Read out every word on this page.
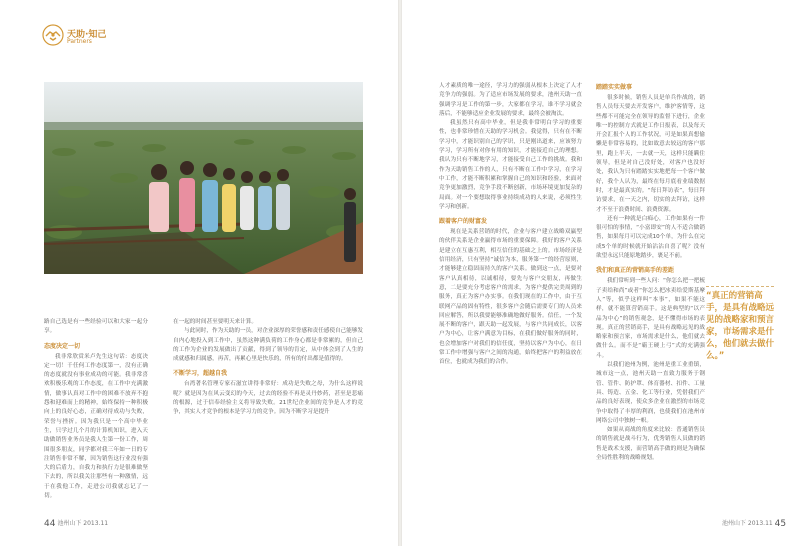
天助·知己
Partners

路自己选是有一些经验可以和大家一起分享。

态度决定一切

我非常欣赏米卢先生这句话：态度决定一切！千任何工作态度第一，没有正确的态度就没有事业成功的可能。我非常喜欢积极乐观的工作态度，在工作中充满激情，做事认真对工作中的困难不放弃不抱怨和迎难而上的精神，始终保持一种积极向上的良好心态，正确对待成功与失败，荣誉与挫折。因为我只是一个高中毕业生，只学过几个月的计算机知识，进入天助做销售业务员是我人生第一份工作，周围很多朋友，同学都对我三年如一日的专注销售非常不解，因为销售这行业没有强大的后盾力，自我力和执行力是很难做坚下去的，所以我关注那些有一种激情，远于在我他工作，走进公司我就忘记了一切。

在一起的时间甚至要明天来计算。

与此同时，作为天助的一员，对企业深厚的荣誉感和责任感使自己能够发自内心地投入到工作中，虽然这种满负荷的工作身心都是非常累的，但自己的工作为企业的发展做出了贡献，得到了领导的肯定，从中体会到了人生的成就感和归属感，再苦，再累心里是快乐的，所有的付出都是值得的。

不断学习，超越自我

台湾著名管理专家石滋宜讲得非常好：成功是失败之母，为什么这样说呢？就是因为在风云变幻的今天，过去的经验不再是灵丹妙药，甚至是悲痛的根源，过于信奉经验主义将导致失败。21世纪企业间的竞争是人才的竞争，其实人才竞争的根本是学习力的竞争。因为不断学习是提升

人才素质的唯一途径，学习力的强弱从根本上决定了人才竞争力的强弱。为了适应市场发展的要求，池州天助一直强调学习是工作的第一步，大家都在学习，谁不学习就会落后，不能够适应企业发展的要求，最终会被淘汰。

我虽然只有高中毕业，但是我非常明白学习的重要性，也非常珍惜在天助的学习机会。我觉得，只有在不断学习中，才能识别自己的学识，只是刚出道来，应该努力学习，学习所有对你有用的知识，才能接近自己的理想。我认为只有不断地学习，才能接受自己工作的挑战。我和作为天助销售工作的人，只有不断在工作中学习，在学习中工作，才能不断积累和掌握自己的知识和经验，来面对竞争更加激烈，竞争手段不断创新，市场环境更加复杂的局面。对一个要想取得事业持续成功的人来说，必须性生学习和创新。

跟着客户的财富发

现在是关系营销的时代，企业与客户建立战略双赢型的伙伴关系是企业赢得市场的重要保障。我好的客户关系是建立在互惠互利，相互信任的基础之上的。市场经济是信用经济，只有坚持“诚信为本，服务第一”的经营原则，才能够建立稳固而持久的客户关系。做到这一点，是要对客户认真相待，以诚相待，要先与客户交朋友，再做生意，二是要充分考虑客户的需求，为客户提供完美周到的服务，真正为客户办实事。在我们现在的工作中，由于互联网产品的固有特性，很多客户会随后需要专门的人员来回应解答，所以我要能够准确地做好服务。信任，一个发展不断的客户，跟天助一起发展，与客户共同成长，以客户为中心，让客户满意为目标，在我们做好服务的同时，也会增加客户对我们的信任度，坚持以客户为中心，在日常工作中增强与客户之间的沟通，始终把客户的利益放在首位，也就成为我们的合作。

踏踏实实做事

很多时候，销售人员是单兵作战的，销售人员每天要去开发客户，维护客情等，这些都不可能完全在领导的监督下进行，企业唯一的控制方式就是工作日报表，以及每天开会汇报个人的工作状况，可是如果真想偷懒是非常容易的，比如故意去较远的客户那里，跑上半天，一去就一天，这样只能瞒住领导，但是对自己没好处，对客户也没好处，我认为只有踏踏实实地把每一个客户做好，我个人认为，最终在每月底看业绩数据时，才是最真实的。“每日拜访表”，每日拜访要求，在一天之内，切实的去拜访，这样才不至于浪费时间、浪费资源。

还有一种就是白痴心，工作如果有一件很可怕的事情，“小富即安”的人不适合做销售，如果每月可以完成10个单，为什么在完成5个单的时候就开始沾沾自喜了呢？没有欲望永远只能原地踏步，裹足不前。

我们和真正的营销高手的差距

我们常听到一些人问：“你怎么把一把梳子卖给和尚”或者“你怎么把冰卖给爱斯基摩人”等，似乎这样叫“本事”，如果不能这样，就不能算营销高手。这是典型的“以产品为中心”的销售观念，是不懂得市场的表现。真正的营销高手，是具有战略远见的战略家和预言家，市场需求是什么，他们就去做什么。而不是“霸王硬上弓”式的充满强斗。

以我们池州为例，池州是重工业重镇，城市这一点，池州天助一直致力服务于钢管、管件、防护罩、体育器材、扣件、工量具、铸造、五金、化工等行业，凭借我们产品的良好表现，使众多企业在激烈的市场竞争中取得了丰厚的利润，也使我们在池州市网络公司中独树一帜。

如果从商战的角度来比较：普通销售员的销售就是战斗行为，优秀销售人员做的销售是战术支援，而营销高手做的则是为确保全局性胜利的战略规划。

“真正的营销高手，是具有战略远见的战略家和预言家，市场需求是什么，他们就去做什么。”
44 池州山下 2013.11	池州山下 2013.11 45
